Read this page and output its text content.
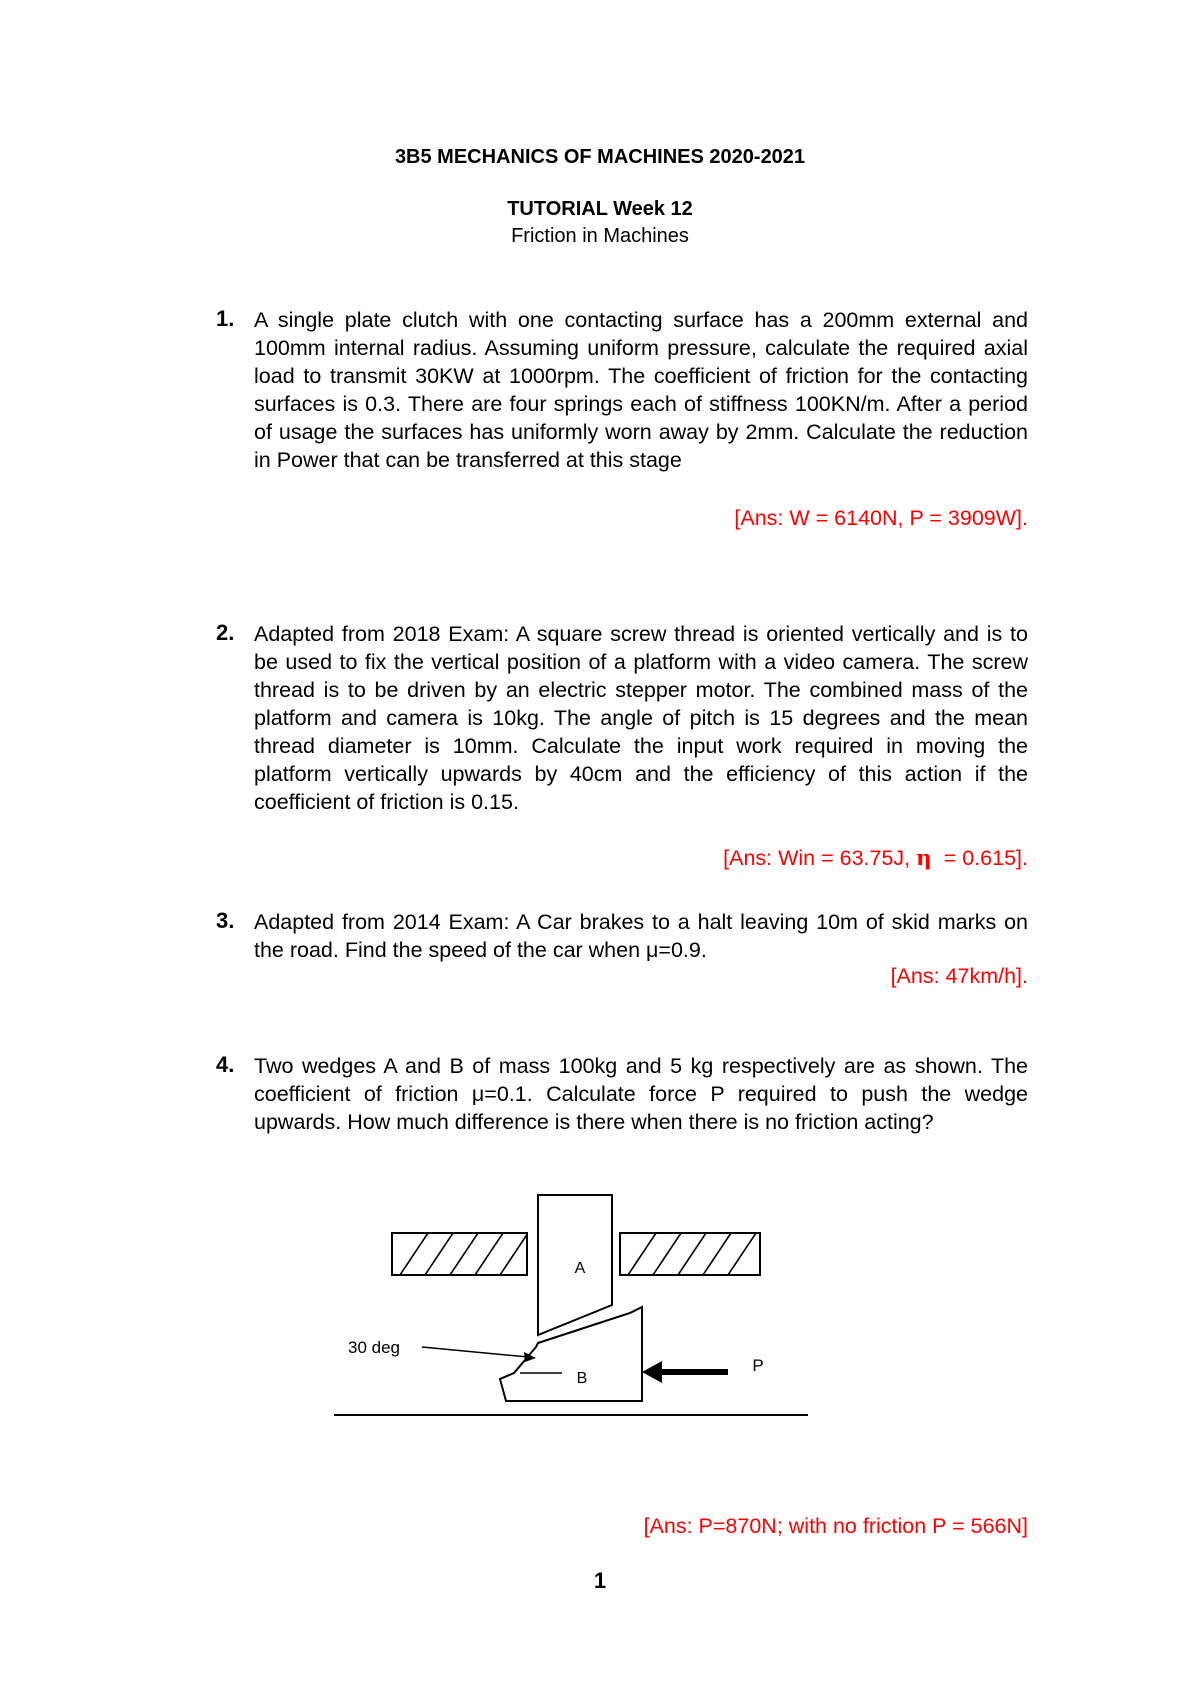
3B5 MECHANICS OF MACHINES 2020-2021
TUTORIAL Week 12
Friction in Machines
1. A single plate clutch with one contacting surface has a 200mm external and 100mm internal radius. Assuming uniform pressure, calculate the required axial load to transmit 30KW at 1000rpm. The coefficient of friction for the contacting surfaces is 0.3. There are four springs each of stiffness 100KN/m. After a period of usage the surfaces has uniformly worn away by 2mm. Calculate the reduction in Power that can be transferred at this stage
[Ans: W = 6140N, P = 3909W].
2. Adapted from 2018 Exam: A square screw thread is oriented vertically and is to be used to fix the vertical position of a platform with a video camera. The screw thread is to be driven by an electric stepper motor. The combined mass of the platform and camera is 10kg. The angle of pitch is 15 degrees and the mean thread diameter is 10mm. Calculate the input work required in moving the platform vertically upwards by 40cm and the efficiency of this action if the coefficient of friction is 0.15.
[Ans: Win = 63.75J, η  = 0.615].
3. Adapted from 2014 Exam: A Car brakes to a halt leaving 10m of skid marks on the road. Find the speed of the car when μ=0.9.
[Ans: 47km/h].
4. Two wedges A and B of mass 100kg and 5 kg respectively are as shown. The coefficient of friction μ=0.1. Calculate force P required to push the wedge upwards. How much difference is there when there is no friction acting?
A
B
30 deg
P
[Ans: P=870N; with no friction P = 566N]
1
